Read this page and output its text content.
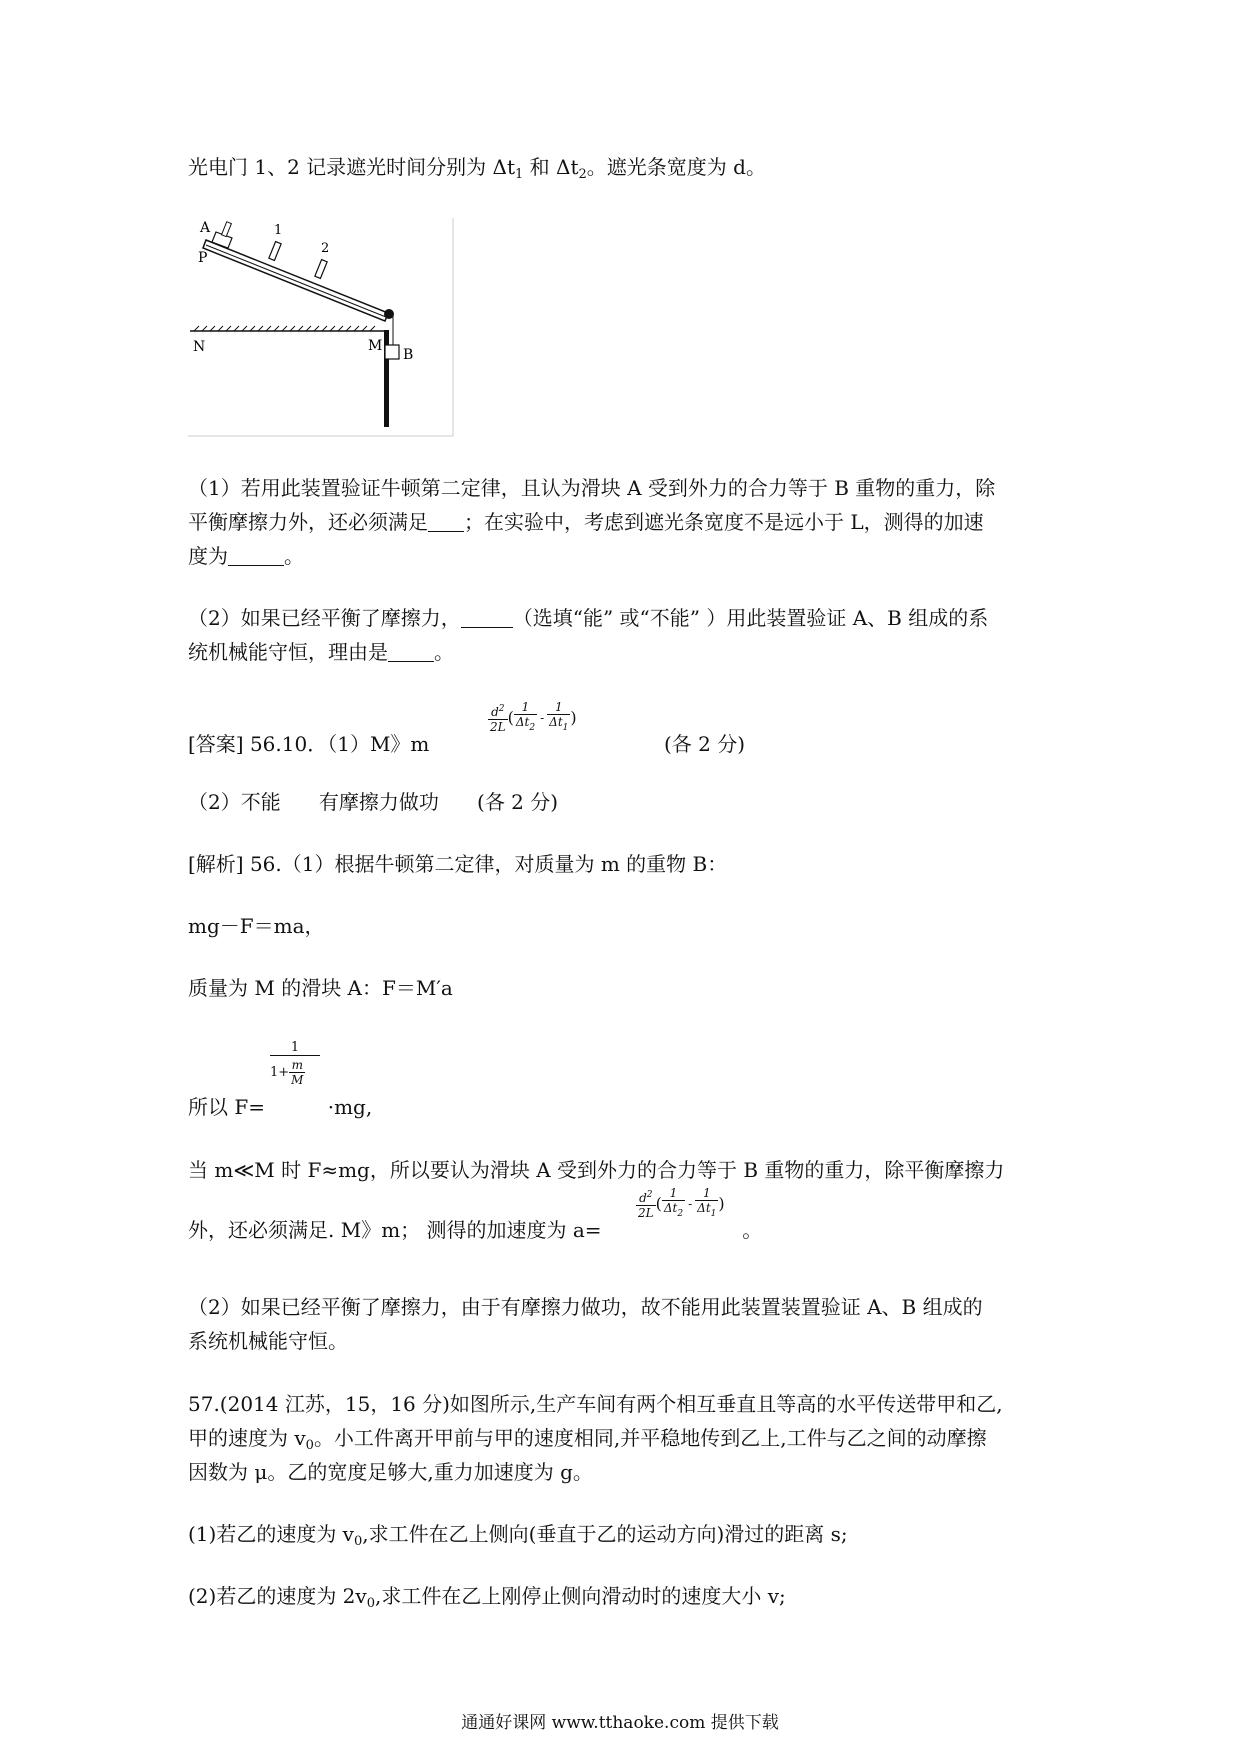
光电门 1、2 记录遮光时间分别为 $\Delta t_1$ 和 $\Delta t_2$。遮光条宽度为 d。
A
P
1
2
N	M
B
（1）若用此装置验证牛顿第二定律，且认为滑块 A 受到外力的合力等于 B 重物的重力，除
平衡摩擦力外，还必须满足 ；在实验中，考虑到遮光条宽度不是远小于 L，测得的加速
度为	。
（2）如果已经平衡了摩擦力，	（选填“能” 或“不能” ）用此装置验证 A、B 组成的系
统机械能守恒，理由是 。
[答案] 56.10．（1）M》m
$\frac{d^2}{2L}$ ( $\frac{1}{\Delta t_2} - \frac{1}{\Delta t_1}$ )
(各 2 分)
（2）不能      有摩擦力做功      (各 2 分)
[解析] 56.（1）根据牛顿第二定律，对质量为 m 的重物 B：
mg－F＝ma，
质量为 M 的滑块 A：F＝M′a
所以 F=	·mg,
1
$1+ \frac{m}{M}$
当 m≪M 时 F≈mg，所以要认为滑块 A 受到外力的合力等于 B 重物的重力，除平衡摩擦力
外，还必须满足. M》m； 测得的加速度为 a=	。
$\frac{d^2}{2L}$ ( $\frac{1}{\Delta t_2} - \frac{1}{\Delta t_1}$ )
（2）如果已经平衡了摩擦力，由于有摩擦力做功，故不能用此装置装置验证 A、B 组成的
系统机械能守恒。
57.(2014 江苏，15，16 分)如图所示,生产车间有两个相互垂直且等高的水平传送带甲和乙,
甲的速度为 $v_0$。小工件离开甲前与甲的速度相同,并平稳地传到乙上,工件与乙之间的动摩擦
因数为 μ。乙的宽度足够大,重力加速度为 g。
(1)若乙的速度为 $v_0$,求工件在乙上侧向(垂直于乙的运动方向)滑过的距离 s;
(2)若乙的速度为 $2v_0$,求工件在乙上刚停止侧向滑动时的速度大小 v;
通通好课网 www.tthaoke.com 提供下载
